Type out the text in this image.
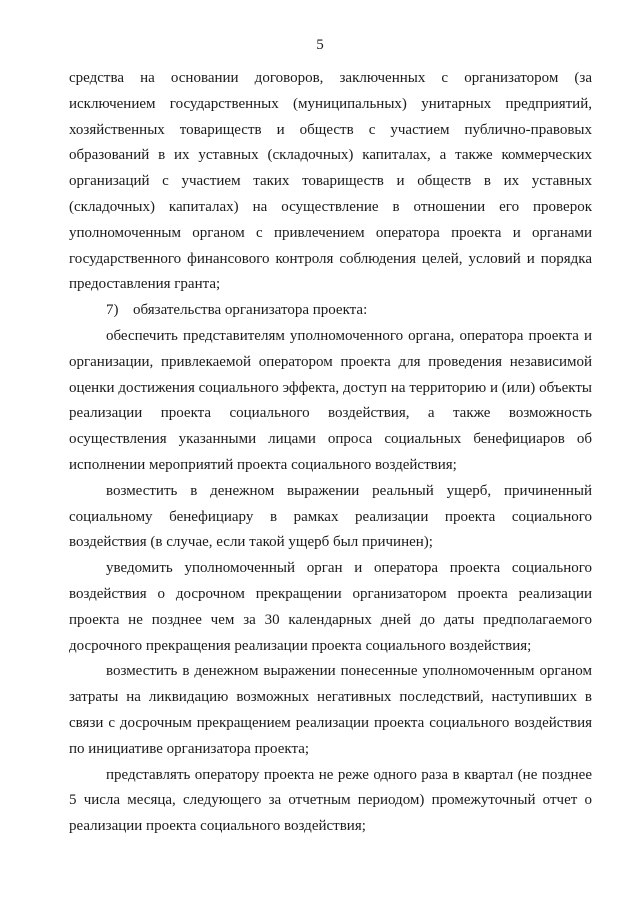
5

средства на основании договоров, заключенных с организатором (за исключением государственных (муниципальных) унитарных предприятий, хозяйственных товариществ и обществ с участием публично-правовых образований в их уставных (складочных) капиталах, а также коммерческих организаций с участием таких товариществ и обществ в их уставных (складочных) капиталах) на осуществление в отношении его проверок уполномоченным органом с привлечением оператора проекта и органами государственного финансового контроля соблюдения целей, условий и порядка предоставления гранта;

7) обязательства организатора проекта:

обеспечить представителям уполномоченного органа, оператора проекта и организации, привлекаемой оператором проекта для проведения независимой оценки достижения социального эффекта, доступ на территорию и (или) объекты реализации проекта социального воздействия, а также возможность осуществления указанными лицами опроса социальных бенефициаров об исполнении мероприятий проекта социального воздействия;

возместить в денежном выражении реальный ущерб, причиненный социальному бенефициару в рамках реализации проекта социального воздействия (в случае, если такой ущерб был причинен);

уведомить уполномоченный орган и оператора проекта социального воздействия о досрочном прекращении организатором проекта реализации проекта не позднее чем за 30 календарных дней до даты предполагаемого досрочного прекращения реализации проекта социального воздействия;

возместить в денежном выражении понесенные уполномоченным органом затраты на ликвидацию возможных негативных последствий, наступивших в связи с досрочным прекращением реализации проекта социального воздействия по инициативе организатора проекта;

представлять оператору проекта не реже одного раза в квартал (не позднее 5 числа месяца, следующего за отчетным периодом) промежуточный отчет о реализации проекта социального воздействия;
